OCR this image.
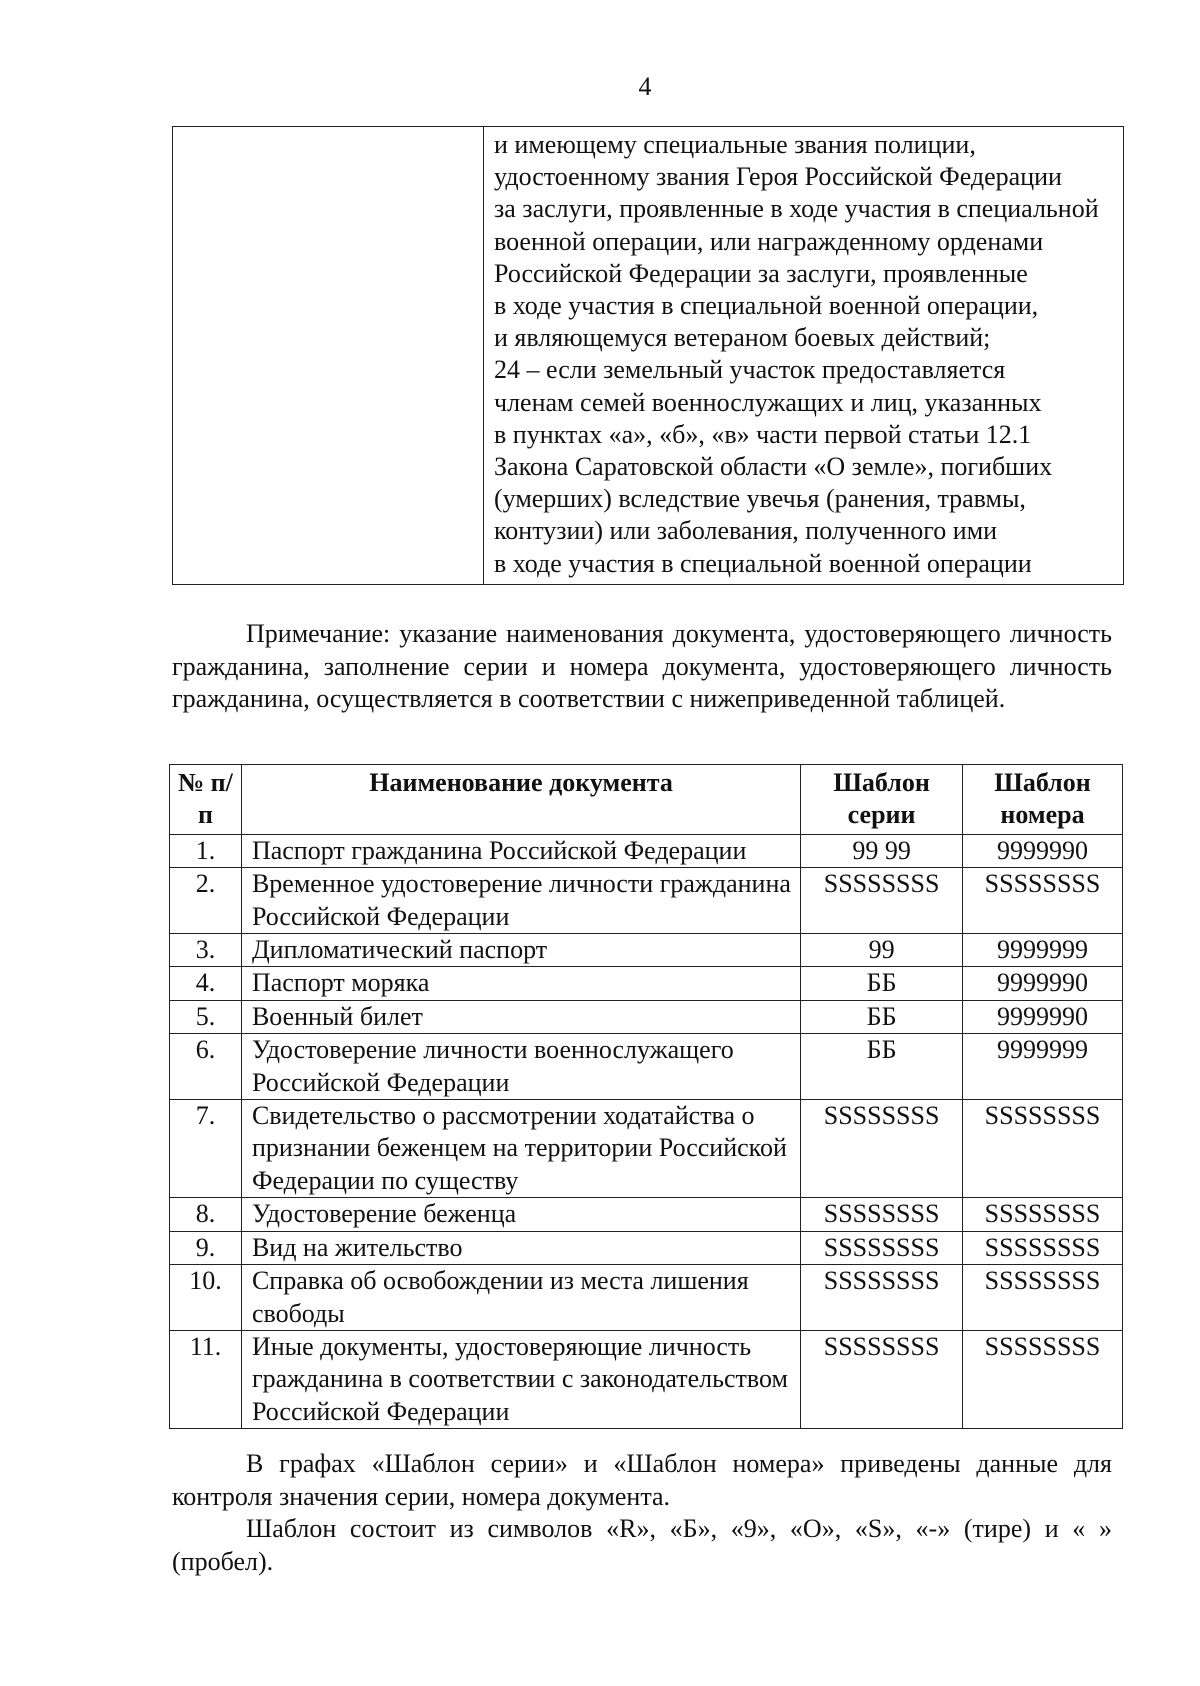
4

и имеющему специальные звания полиции,
удостоенному звания Героя Российской Федерации
за заслуги, проявленные в ходе участия в специальной
военной операции, или награжденному орденами
Российской Федерации за заслуги, проявленные
в ходе участия в специальной военной операции,
и являющемуся ветераном боевых действий;
24 – если земельный участок предоставляется
членам семей военнослужащих и лиц, указанных
в пунктах «а», «б», «в» части первой статьи 12.1
Закона Саратовской области «О земле», погибших
(умерших) вследствие увечья (ранения, травмы,
контузии) или заболевания, полученного ими
в ходе участия в специальной военной операции
Примечание: указание наименования документа, удостоверяющего личность гражданина, заполнение серии и номера документа, удостоверяющего личность гражданина, осуществляется в соответствии с нижеприведенной таблицей.
№ п/п	Наименование документа	Шаблон серии	Шаблон номера
1.	Паспорт гражданина Российской Федерации	99 99	9999990
2.	Временное удостоверение личности гражданина Российской Федерации	SSSSSSSS	SSSSSSSS
3.	Дипломатический паспорт	99	9999999
4.	Паспорт моряка	ББ	9999990
5.	Военный билет	ББ	9999990
6.	Удостоверение личности военнослужащего Российской Федерации	ББ	9999999
7.	Свидетельство о рассмотрении ходатайства о признании беженцем на территории Российской Федерации по существу	SSSSSSSS	SSSSSSSS
8.	Удостоверение беженца	SSSSSSSS	SSSSSSSS
9.	Вид на жительство	SSSSSSSS	SSSSSSSS
10.	Справка об освобождении из места лишения свободы	SSSSSSSS	SSSSSSSS
11.	Иные документы, удостоверяющие личность гражданина в соответствии с законодательством Российской Федерации	SSSSSSSS	SSSSSSSS

В графах «Шаблон серии» и «Шаблон номера» приведены данные для контроля значения серии, номера документа.

Шаблон состоит из символов «R», «Б», «9», «O», «S», «-» (тире) и « » (пробел).
